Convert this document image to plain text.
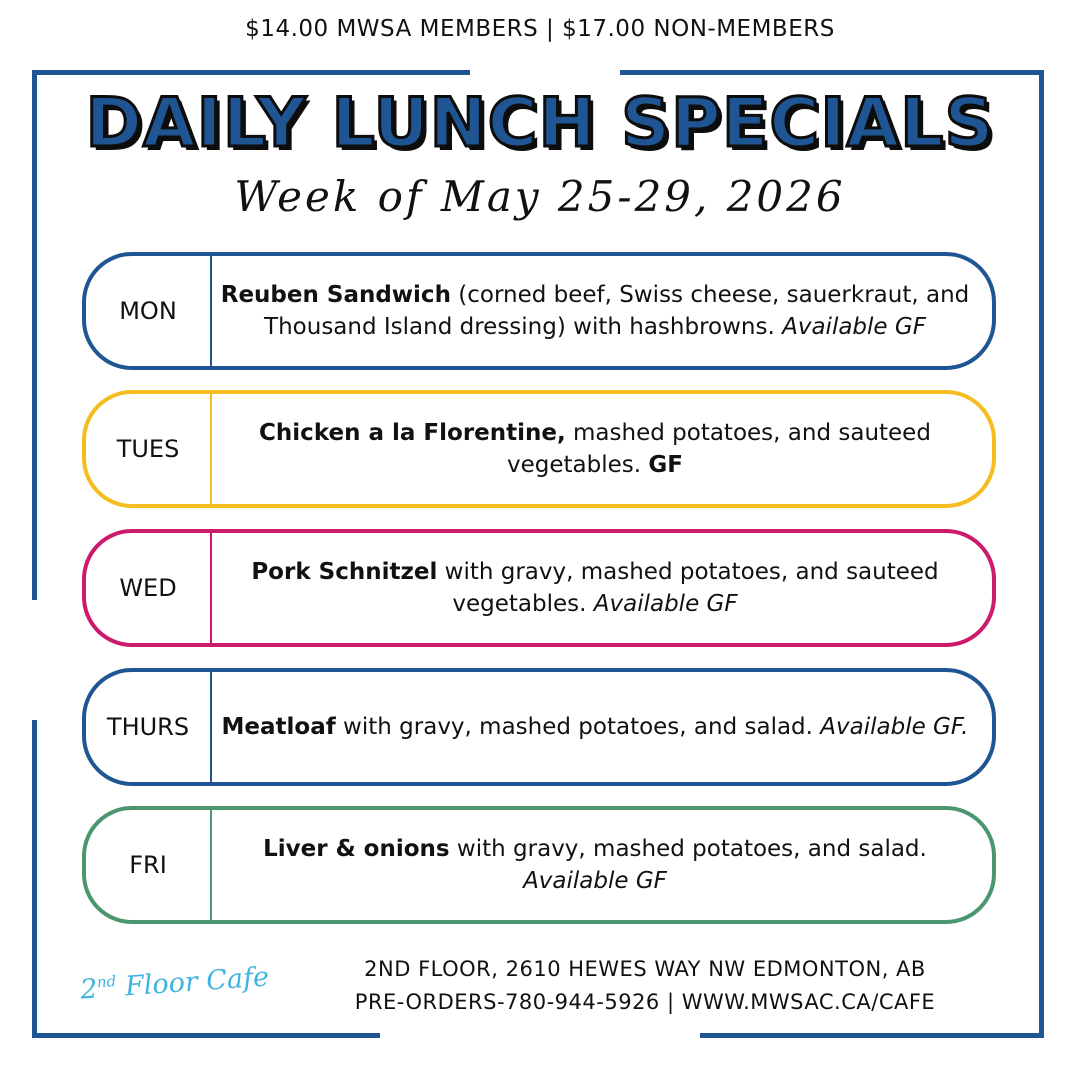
$14.00 MWSA MEMBERS | $17.00 NON-MEMBERS
DAILY LUNCH SPECIALS
Week of May 25-29, 2026
MON
Reuben Sandwich (corned beef, Swiss cheese, sauerkraut, and Thousand Island dressing) with hashbrowns. Available GF
TUES
Chicken a la Florentine, mashed potatoes, and sauteed vegetables. GF
WED
Pork Schnitzel with gravy, mashed potatoes, and sauteed vegetables. Available GF
THURS	Meatloaf with gravy, mashed potatoes, and salad. Available GF.
FRI
Liver & onions with gravy, mashed potatoes, and salad. Available GF
2nd Floor Cafe	2ND FLOOR, 2610 HEWES WAY NW EDMONTON, AB
PRE-ORDERS-780-944-5926 | WWW.MWSAC.CA/CAFE
